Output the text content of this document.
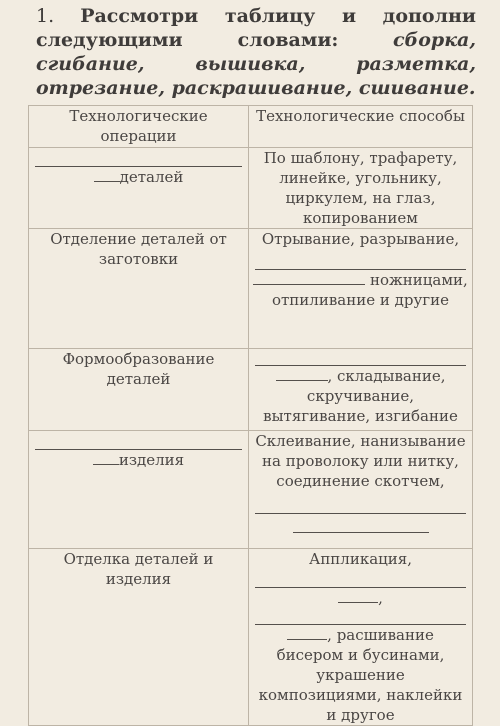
1. Рассмотри таблицу и дополни следующими словами:	сборка, сгибание, вышивка, разметка, отрезание, раскрашивание, сшивание.
Технологические операции	Технологические способы

деталей	По шаблону, трафарету, линейке, угольнику, циркулем, на глаз, копированием
Отделение деталей от заготовки	Отрывание, разрывание,
ножницами, отпиливание и другие

Формообразование деталей	, складывание, скручивание, вытягивание, изгибание

изделия	Склеивание, нанизывание на проволоку или нитку, соединение скотчем,

Отделка деталей и изделия	Аппликация,
,
, расшивание бисером и бусинами, украшение композициями, наклейки и другое
